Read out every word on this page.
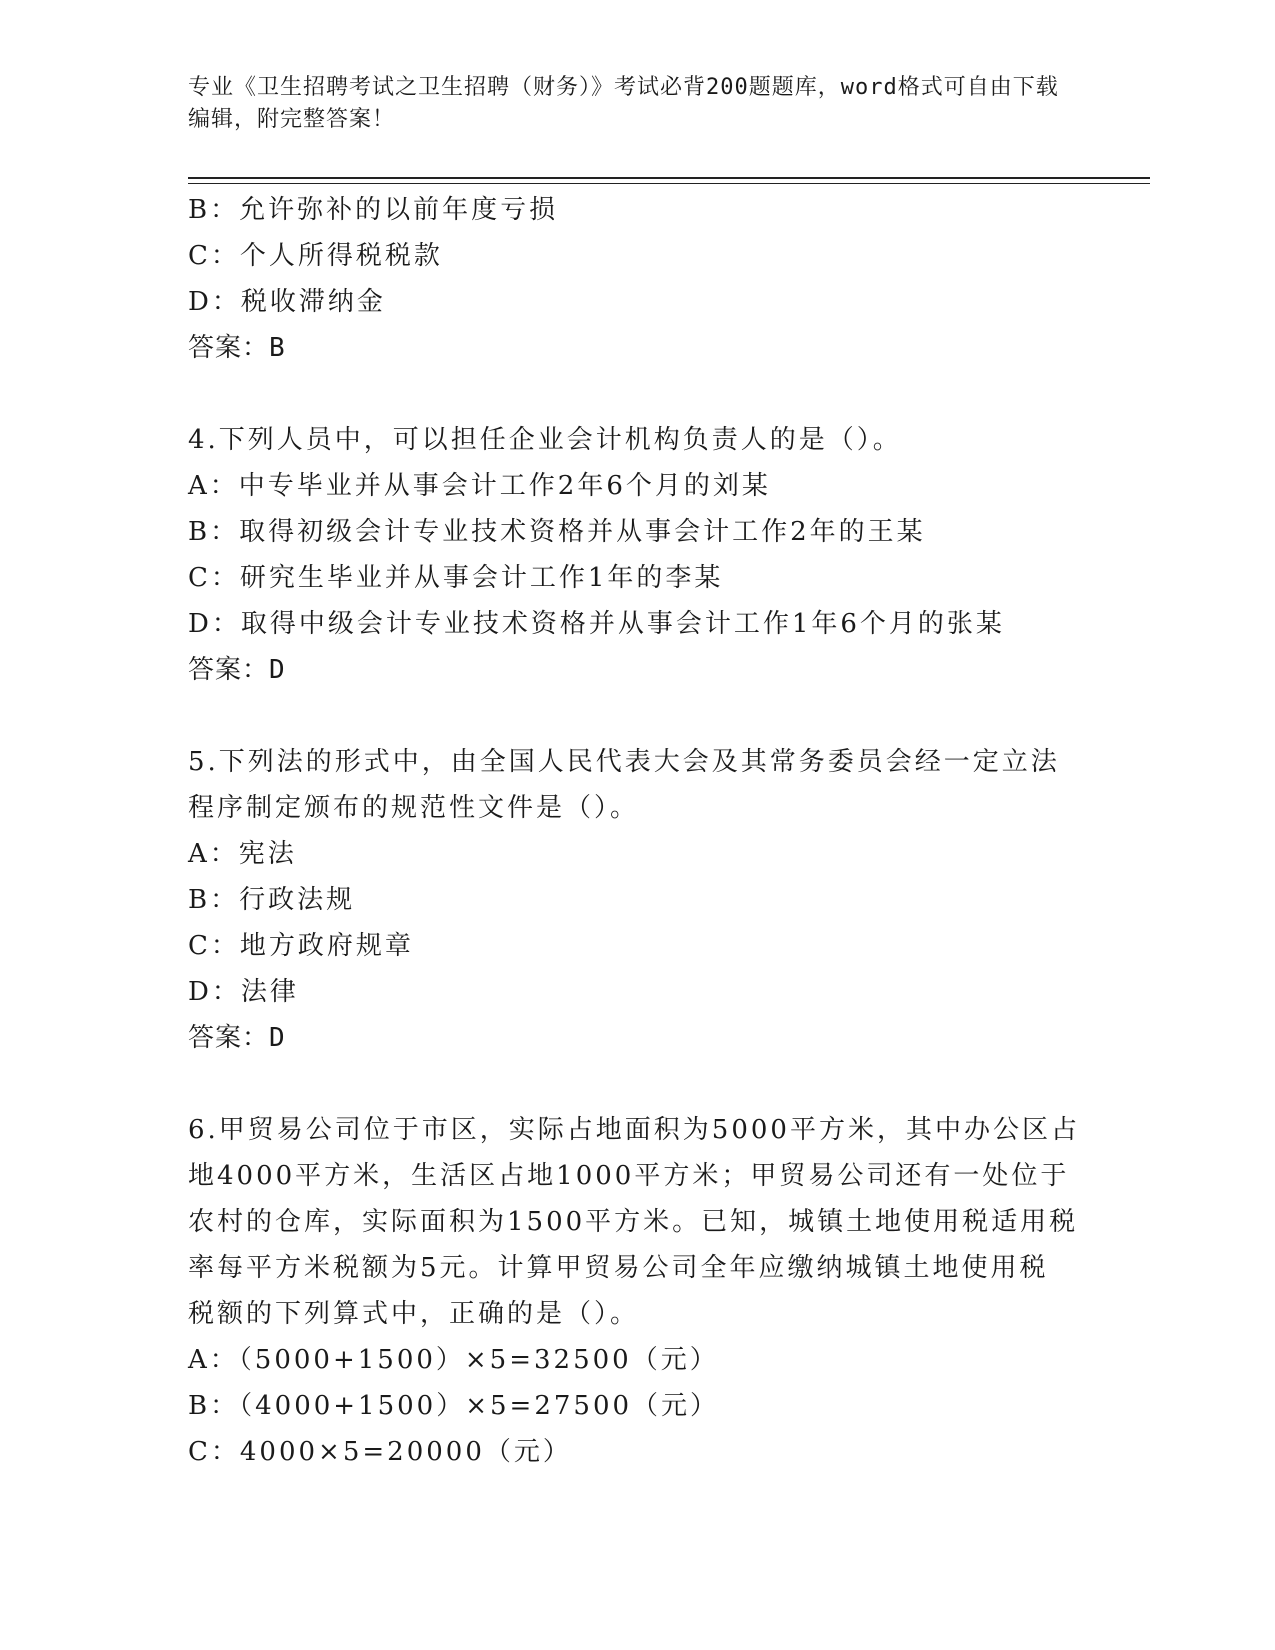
专业《卫生招聘考试之卫生招聘（财务）》考试必背200题题库，word格式可自由下载编辑，附完整答案！
B：允许弥补的以前年度亏损
C：个人所得税税款
D：税收滞纳金
答案：B
4.下列人员中，可以担任企业会计机构负责人的是（）。
A：中专毕业并从事会计工作2年6个月的刘某
B：取得初级会计专业技术资格并从事会计工作2年的王某
C：研究生毕业并从事会计工作1年的李某
D：取得中级会计专业技术资格并从事会计工作1年6个月的张某
答案：D
5.下列法的形式中，由全国人民代表大会及其常务委员会经一定立法
程序制定颁布的规范性文件是（）。
A：宪法
B：行政法规
C：地方政府规章
D：法律
答案：D
6.甲贸易公司位于市区，实际占地面积为5000平方米，其中办公区占
地4000平方米，生活区占地1000平方米；甲贸易公司还有一处位于
农村的仓库，实际面积为1500平方米。已知，城镇土地使用税适用税
率每平方米税额为5元。计算甲贸易公司全年应缴纳城镇土地使用税
税额的下列算式中，正确的是（）。
A：（5000+1500）×5=32500（元）
B：（4000+1500）×5=27500（元）
C：4000×5=20000（元）
